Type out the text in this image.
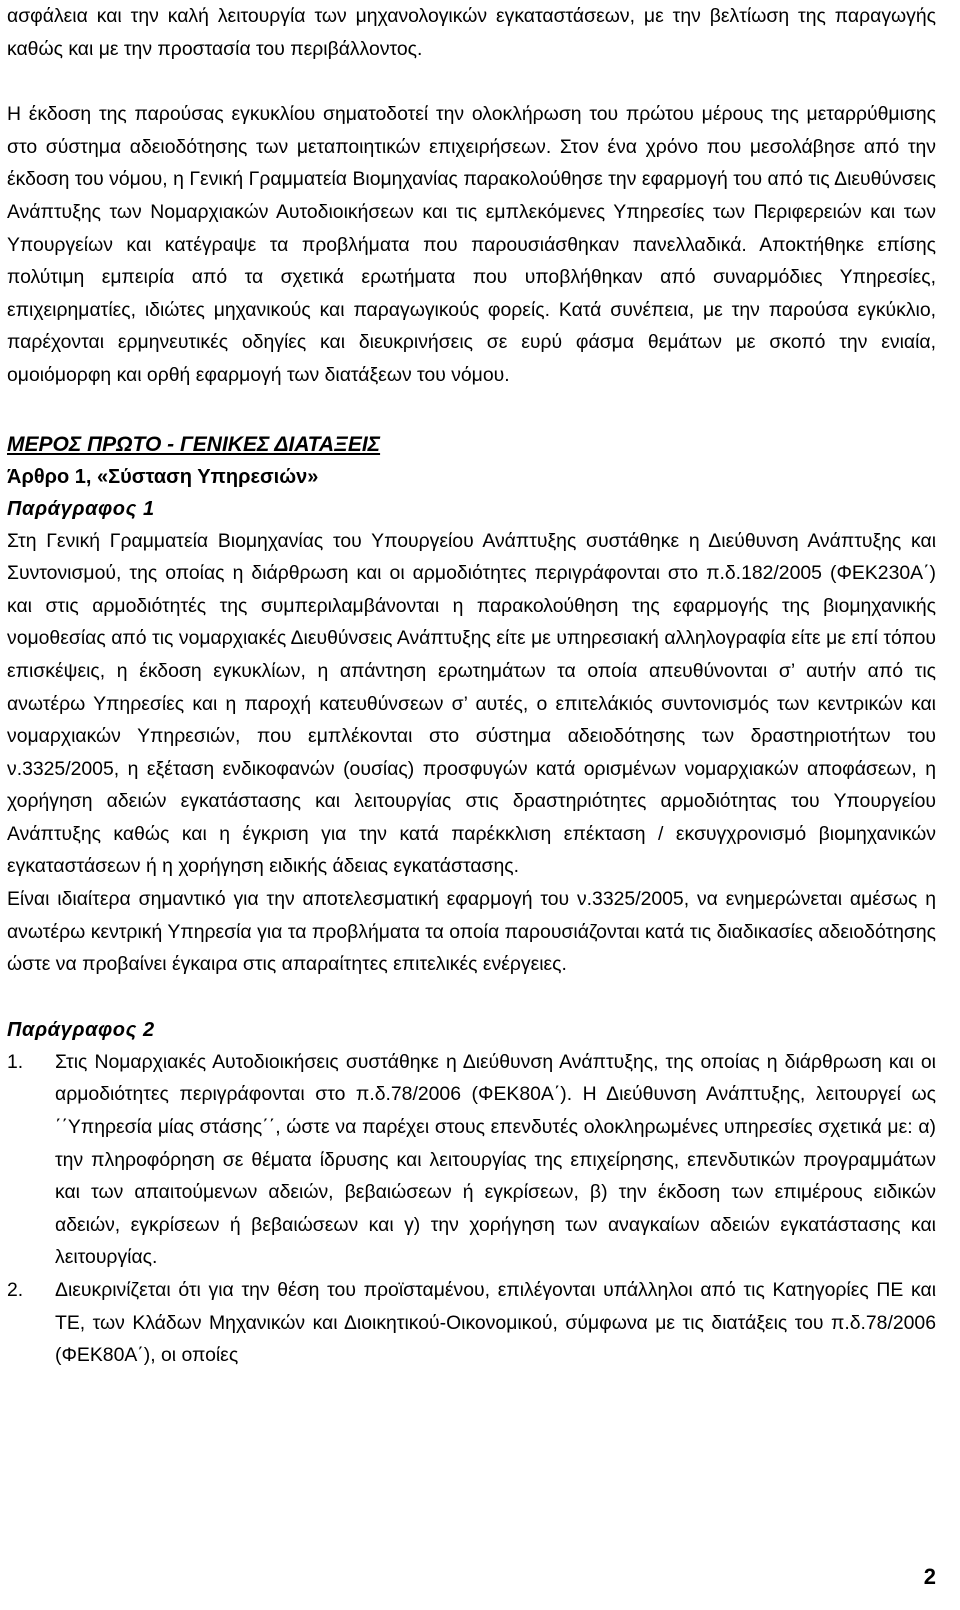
ασφάλεια και την καλή λειτουργία των μηχανολογικών εγκαταστάσεων, με την βελτίωση της παραγωγής καθώς και με την προστασία του περιβάλλοντος.

Η έκδοση της παρούσας εγκυκλίου σηματοδοτεί την ολοκλήρωση του πρώτου μέρους της μεταρρύθμισης στο σύστημα αδειοδότησης των μεταποιητικών επιχειρήσεων. Στον ένα χρόνο που μεσολάβησε από την έκδοση του νόμου, η Γενική Γραμματεία Βιομηχανίας παρακολούθησε την εφαρμογή του από τις Διευθύνσεις Ανάπτυξης των Νομαρχιακών Αυτοδιοικήσεων και τις εμπλεκόμενες Υπηρεσίες των Περιφερειών και των Υπουργείων και κατέγραψε τα προβλήματα που παρουσιάσθηκαν πανελλαδικά. Αποκτήθηκε επίσης πολύτιμη εμπειρία από τα σχετικά ερωτήματα που υποβλήθηκαν από συναρμόδιες Υπηρεσίες, επιχειρηματίες, ιδιώτες μηχανικούς και παραγωγικούς φορείς. Κατά συνέπεια, με την παρούσα εγκύκλιο, παρέχονται ερμηνευτικές οδηγίες και διευκρινήσεις σε ευρύ φάσμα θεμάτων με σκοπό την ενιαία, ομοιόμορφη και ορθή εφαρμογή των διατάξεων του νόμου.

ΜΕΡΟΣ ΠΡΩΤΟ - ΓΕΝΙΚΕΣ ΔΙΑΤΑΞΕΙΣ
Άρθρο 1, «Σύσταση Υπηρεσιών»
Παράγραφος 1

Στη Γενική Γραμματεία Βιομηχανίας του Υπουργείου Ανάπτυξης συστάθηκε η Διεύθυνση Ανάπτυξης και Συντονισμού, της οποίας η διάρθρωση και οι αρμοδιότητες περιγράφονται στο π.δ.182/2005 (ΦΕΚ230Α΄) και στις αρμοδιότητές της συμπεριλαμβάνονται η παρακολούθηση της εφαρμογής της βιομηχανικής νομοθεσίας από τις νομαρχιακές Διευθύνσεις Ανάπτυξης είτε με υπηρεσιακή αλληλογραφία είτε με επί τόπου επισκέψεις, η έκδοση εγκυκλίων, η απάντηση ερωτημάτων τα οποία απευθύνονται σ’ αυτήν από τις ανωτέρω Υπηρεσίες και η παροχή κατευθύνσεων σ’ αυτές, ο επιτελάκιός συντονισμός των κεντρικών και νομαρχιακών Υπηρεσιών, που εμπλέκονται στο σύστημα αδειοδότησης των δραστηριοτήτων του ν.3325/2005, η εξέταση ενδικοφανών (ουσίας) προσφυγών κατά ορισμένων νομαρχιακών αποφάσεων, η χορήγηση αδειών εγκατάστασης και λειτουργίας στις δραστηριότητες αρμοδιότητας του Υπουργείου Ανάπτυξης καθώς και η έγκριση για την κατά παρέκκλιση επέκταση / εκσυγχρονισμό βιομηχανικών εγκαταστάσεων ή η χορήγηση ειδικής άδειας εγκατάστασης.

Είναι ιδιαίτερα σημαντικό για την αποτελεσματική εφαρμογή του ν.3325/2005, να ενημερώνεται αμέσως η ανωτέρω κεντρική Υπηρεσία για τα προβλήματα τα οποία παρουσιάζονται κατά τις διαδικασίες αδειοδότησης ώστε να προβαίνει έγκαιρα στις απαραίτητες επιτελικές ενέργειες.

Παράγραφος 2
1. Στις Νομαρχιακές Αυτοδιοικήσεις συστάθηκε η Διεύθυνση Ανάπτυξης, της οποίας η διάρθρωση και οι αρμοδιότητες περιγράφονται στο π.δ.78/2006 (ΦΕΚ80Α΄). Η Διεύθυνση Ανάπτυξης, λειτουργεί ως ΄΄Υπηρεσία μίας στάσης΄΄, ώστε να παρέχει στους επενδυτές ολοκληρωμένες υπηρεσίες σχετικά με: α) την πληροφόρηση σε θέματα ίδρυσης και λειτουργίας της επιχείρησης, επενδυτικών προγραμμάτων και των απαιτούμενων αδειών, βεβαιώσεων ή εγκρίσεων, β) την έκδοση των επιμέρους ειδικών αδειών, εγκρίσεων ή βεβαιώσεων και γ) την χορήγηση των αναγκαίων αδειών εγκατάστασης και λειτουργίας.

2. Διευκρινίζεται ότι για την θέση του προϊσταμένου, επιλέγονται υπάλληλοι από τις Κατηγορίες ΠΕ και ΤΕ, των Κλάδων Μηχανικών και Διοικητικού-Οικονομικού, σύμφωνα με τις διατάξεις του π.δ.78/2006 (ΦΕΚ80Α΄), οι οποίες

2
